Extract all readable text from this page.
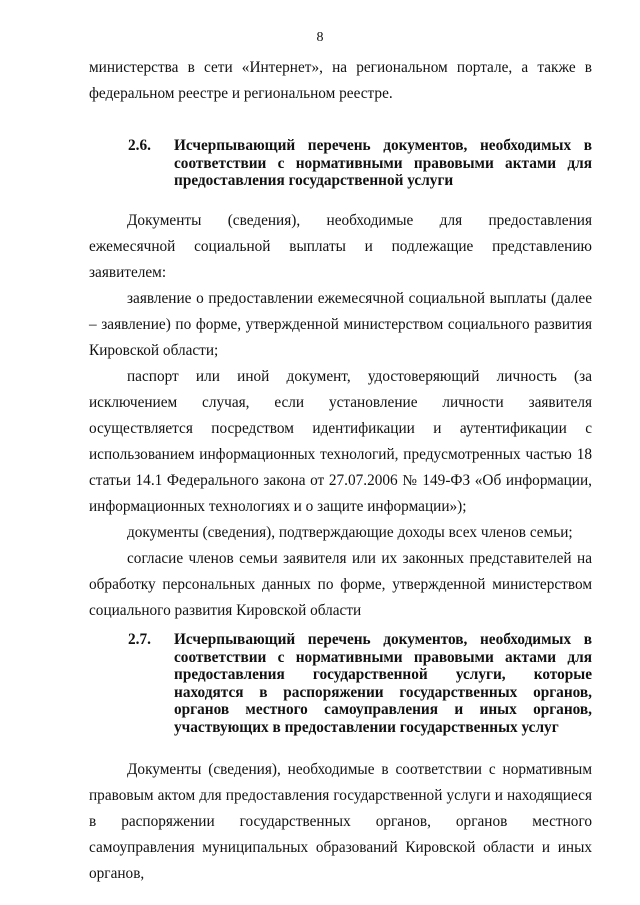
8

министерства в сети «Интернет», на региональном портале, а также в федеральном реестре и региональном реестре.

2.6.	Исчерпывающий перечень документов, необходимых в соответствии с нормативными правовыми актами для предоставления государственной услуги

Документы (сведения), необходимые для предоставления ежемесячной социальной выплаты и подлежащие представлению заявителем:

заявление о предоставлении ежемесячной социальной выплаты (далее – заявление) по форме, утвержденной министерством социального развития Кировской области;

паспорт или иной документ, удостоверяющий личность (за исключением случая, если установление личности заявителя осуществляется посредством идентификации и аутентификации с использованием информационных технологий, предусмотренных частью 18 статьи 14.1 Федерального закона от 27.07.2006 № 149-ФЗ «Об информации, информационных технологиях и о защите информации»);

документы (сведения), подтверждающие доходы всех членов семьи;

согласие членов семьи заявителя или их законных представителей на обработку персональных данных по форме, утвержденной министерством социального развития Кировской области

2.7.	Исчерпывающий перечень документов, необходимых в соответствии с нормативными правовыми актами для предоставления государственной услуги, которые находятся в распоряжении государственных органов, органов местного самоуправления и иных органов, участвующих в предоставлении государственных услуг

Документы (сведения), необходимые в соответствии с нормативным правовым актом для предоставления государственной услуги и находящиеся в распоряжении государственных органов, органов местного самоуправления муниципальных образований Кировской области и иных органов,
